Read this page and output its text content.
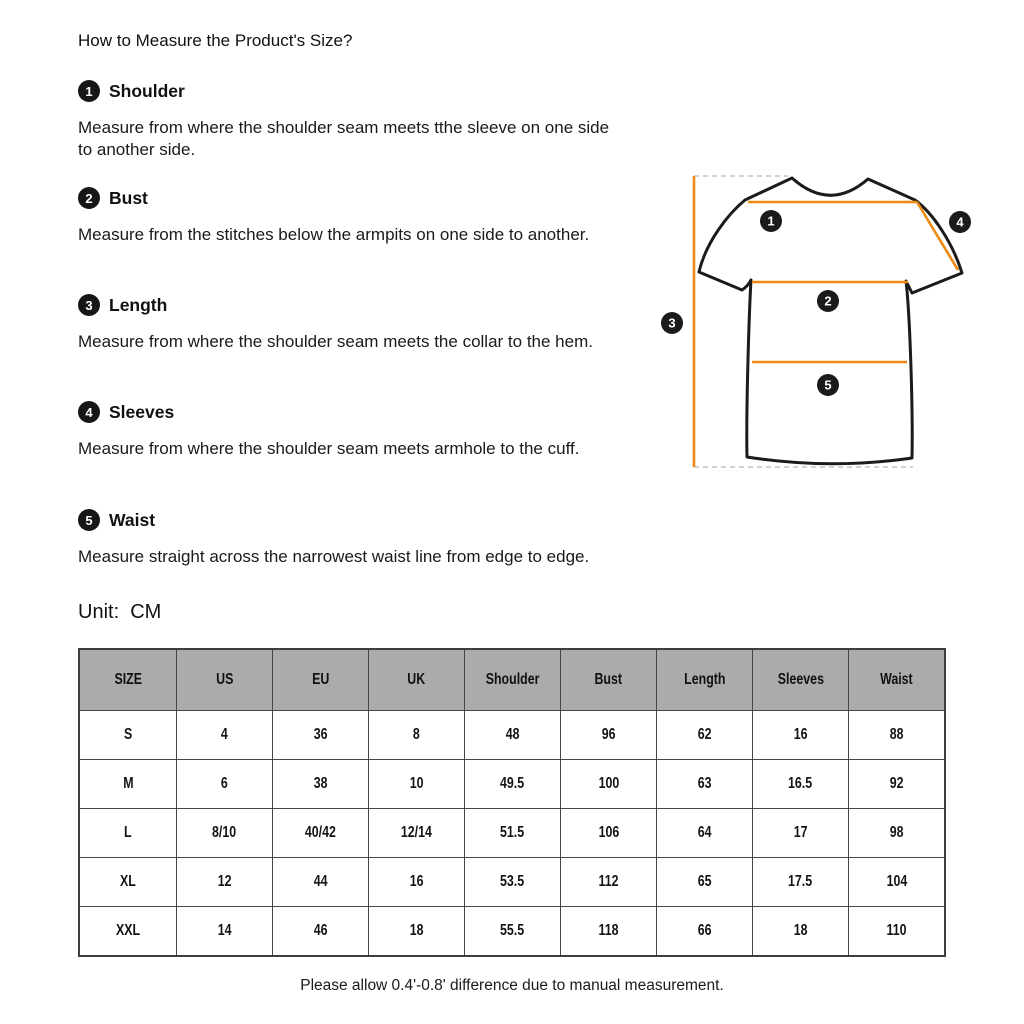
How to Measure the Product's Size?
1 Shoulder

Measure from where the shoulder seam meets tthe sleeve on one side to another side.

2 Bust

Measure from the stitches below the armpits on one side to another.

3 Length

Measure from where the shoulder seam meets the collar to the hem.

4 Sleeves

Measure from where the shoulder seam meets armhole to the cuff.

5 Waist

Measure straight across the narrowest waist line from edge to edge.

1
2
3
4
5
Unit:  CM
SIZE	US	EU	UK	Shoulder	Bust	Length	Sleeves	Waist
S	4	36	8	48	96	62	16	88
M	6	38	10	49.5	100	63	16.5	92
L	8/10	40/42	12/14	51.5	106	64	17	98
XL	12	44	16	53.5	112	65	17.5	104
XXL	14	46	18	55.5	118	66	18	110
Please allow 0.4'-0.8' difference due to manual measurement.
